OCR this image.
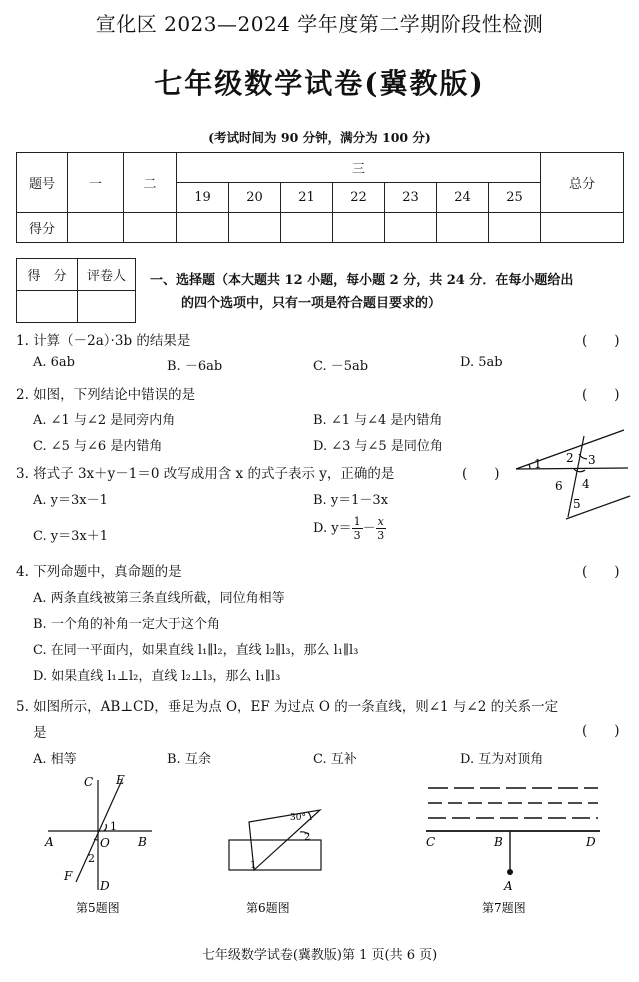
宣化区 2023—2024 学年度第二学期阶段性检测
七年级数学试卷(冀教版)
(考试时间为 90 分钟，满分为 100 分)
题号	一	二	三							总分
			19	20	21	22	23	24	25	
得分										
得　分	评卷人
	一、选择题（本大题共 12 小题，每小题 2 分，共 24 分．在每小题给出
的四个选项中，只有一项是符合题目要求的）
1. 计算（－2a）·3b 的结果是	(　　)
A. 6ab	B. －6ab	C. －5ab	D. 5ab
2. 如图，下列结论中错误的是	(　　)
A. ∠1 与∠2 是同旁内角	B. ∠1 与∠4 是内错角
C. ∠5 与∠6 是内错角	D. ∠3 与∠5 是同位角
1 2 3
4
6
5
3. 将式子 3x＋y－1＝0 改写成用含 x 的式子表示 y，正确的是	(　　)
A. y＝3x－1	B. y＝1－3x
C. y＝3x＋1
D. $y= \frac{1}{3} - \frac{x}{3}$
4. 下列命题中，真命题的是	(　　)
A. 两条直线被第三条直线所截，同位角相等
B. 一个角的补角一定大于这个角
C. 在同一平面内，如果直线 l₁∥l₂，直线 l₂∥l₃，那么 l₁∥l₃
D. 如果直线 l₁⊥l₂，直线 l₂⊥l₃，那么 l₁∥l₃
5. 如图所示，AB⊥CD，垂足为点 O，EF 为过点 O 的一条直线，则∠1 与∠2 的关系一定
是	(　　)
A. 相等	B. 互余	C. 互补	D. 互为对顶角
C E
A	O B
1
2
F
D
第5题图
30°
2
1
第6题图
C	B	D
A
第7题图
七年级数学试卷(冀教版)第 1 页(共 6 页)
